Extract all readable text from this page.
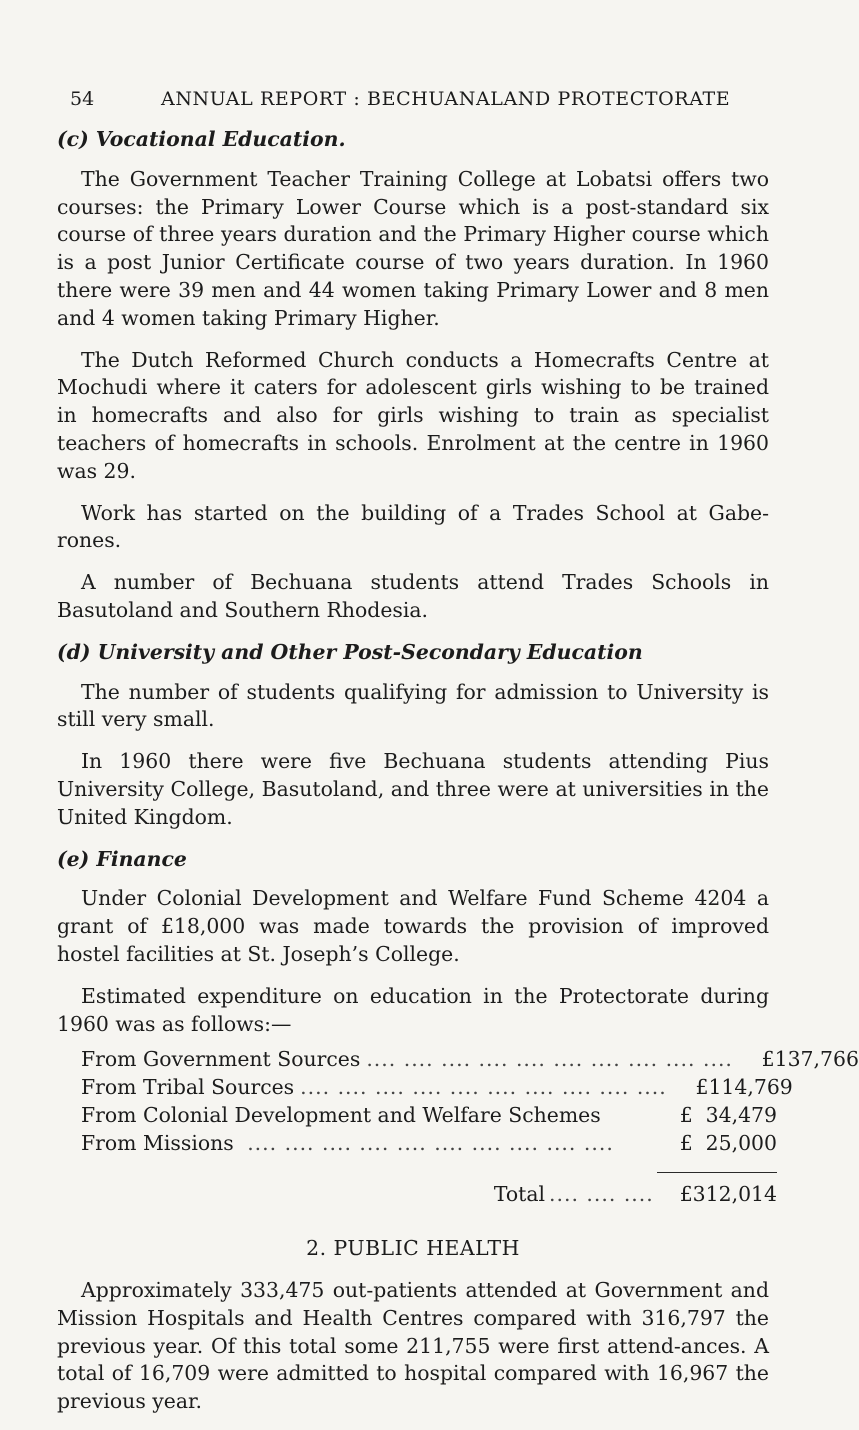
54	ANNUAL REPORT : BECHUANALAND PROTECTORATE
(c) Vocational Education.

The Government Teacher Training College at Lobatsi offers two courses: the Primary Lower Course which is a post-standard six course of three years duration and the Primary Higher course which is a post Junior Certificate course of two years duration. In 1960 there were 39 men and 44 women taking Primary Lower and 8 men and 4 women taking Primary Higher.

The Dutch Reformed Church conducts a Homecrafts Centre at Mochudi where it caters for adolescent girls wishing to be trained in homecrafts and also for girls wishing to train as specialist teachers of homecrafts in schools. Enrolment at the centre in 1960 was 29.

Work has started on the building of a Trades School at Gabe-rones.

A number of Bechuana students attend Trades Schools in Basutoland and Southern Rhodesia.

(d) University and Other Post-Secondary Education

The number of students qualifying for admission to University is still very small.

In 1960 there were five Bechuana students attending Pius University College, Basutoland, and three were at universities in the United Kingdom.

(e) Finance

Under Colonial Development and Welfare Fund Scheme 4204 a grant of £18,000 was made towards the provision of improved hostel facilities at St. Joseph’s College.

Estimated expenditure on education in the Protectorate during 1960 was as follows:—

From Government Sources .... .... .... .... .... .... .... .... .... ....	£137,766
From Tribal Sources .... .... .... .... .... .... .... .... .... ....	£114,769
From Colonial Development and Welfare Schemes	£  34,479
From Missions .... .... .... .... .... .... .... .... .... ....	£  25,000
Total .... .... ....	£312,014
2. PUBLIC HEALTH

Approximately 333,475 out-patients attended at Government and Mission Hospitals and Health Centres compared with 316,797 the previous year. Of this total some 211,755 were first attend-ances. A total of 16,709 were admitted to hospital compared with 16,967 the previous year.
